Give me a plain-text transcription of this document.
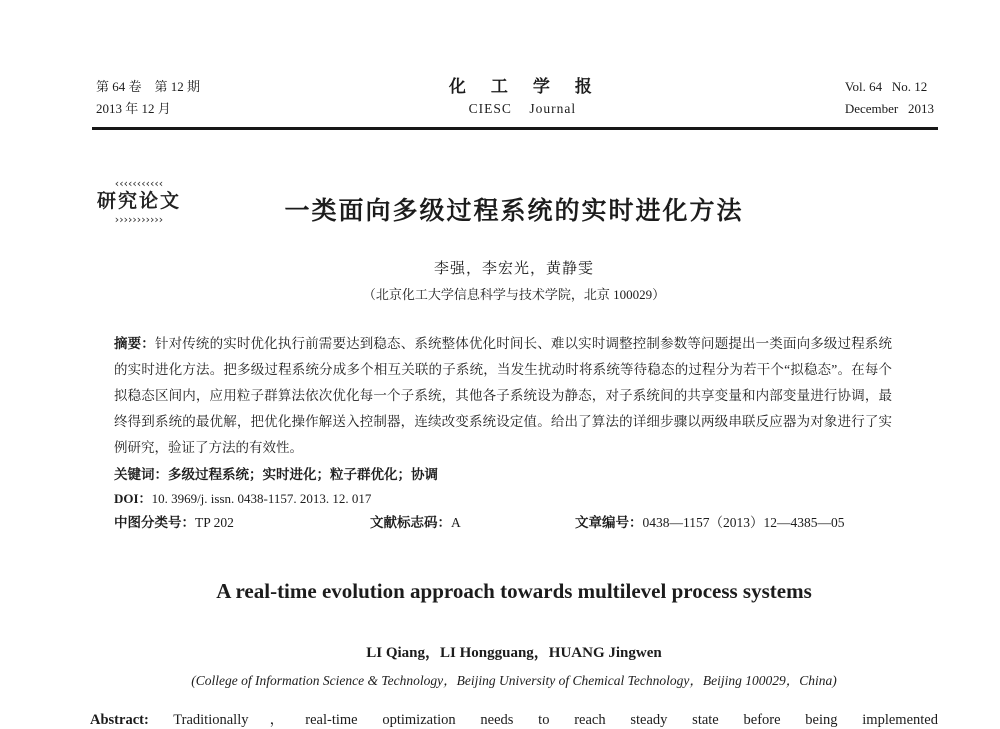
第 64 卷　第 12 期
2013 年 12 月
化　工　学　报
CIESC    Journal
Vol. 64   No. 12
December   2013
‹‹‹‹‹‹‹‹‹‹‹
研究论文
›››››››››››	一类面向多级过程系统的实时进化方法
李强，李宏光，黄静雯
（北京化工大学信息科学与技术学院，北京 100029）

摘要：针对传统的实时优化执行前需要达到稳态、系统整体优化时间长、难以实时调整控制参数等问题提出一类面向多级过程系统的实时进化方法。把多级过程系统分成多个相互关联的子系统，当发生扰动时将系统等待稳态的过程分为若干个“拟稳态”。在每个拟稳态区间内，应用粒子群算法依次优化每一个子系统，其他各子系统设为静态，对子系统间的共享变量和内部变量进行协调，最终得到系统的最优解，把优化操作解送入控制器，连续改变系统设定值。给出了算法的详细步骤以两级串联反应器为对象进行了实例研究，验证了方法的有效性。

关键词：多级过程系统；实时进化；粒子群优化；协调

DOI：10. 3969/j. issn. 0438-1157. 2013. 12. 017

中图分类号：TP 202	文献标志码：A	文章编号：0438—1157（2013）12—4385—05
A real-time evolution approach towards multilevel process systems
LI Qiang，LI Hongguang，HUANG Jingwen
(College of Information Science & Technology，Beijing University of Chemical Technology，Beijing 100029，China)

Abstract: Traditionally，real-time optimization needs to reach steady state before being implemented
